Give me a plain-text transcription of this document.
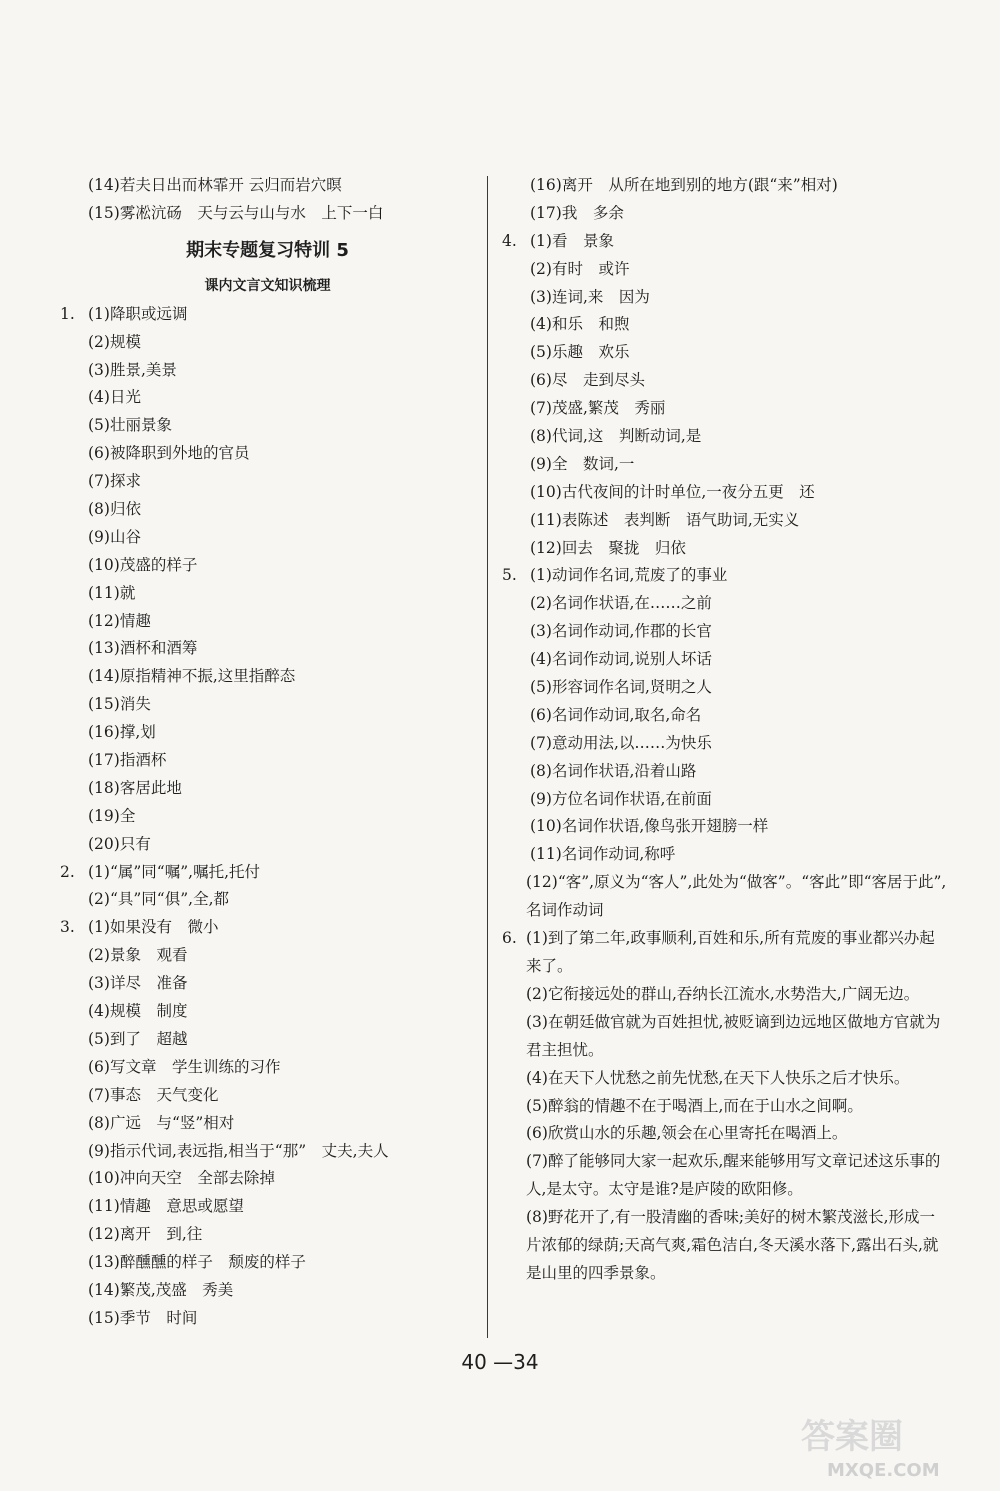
(14)若夫日出而林霏开 云归而岩穴暝
(15)雾凇沆砀　天与云与山与水　上下一白
期末专题复习特训 5
课内文言文知识梳理
1. (1)降职或远调
(2)规模
(3)胜景,美景
(4)日光
(5)壮丽景象
(6)被降职到外地的官员
(7)探求
(8)归依
(9)山谷
(10)茂盛的样子
(11)就
(12)情趣
(13)酒杯和酒筹
(14)原指精神不振,这里指醉态
(15)消失
(16)撑,划
(17)指酒杯
(18)客居此地
(19)全
(20)只有
2. (1)“属”同“嘱”,嘱托,托付
(2)“具”同“俱”,全,都
3. (1)如果没有　微小
(2)景象　观看
(3)详尽　准备
(4)规模　制度
(5)到了　超越
(6)写文章　学生训练的习作
(7)事态　天气变化
(8)广远　与“竖”相对
(9)指示代词,表远指,相当于“那”　丈夫,夫人
(10)冲向天空　全部去除掉
(11)情趣　意思或愿望
(12)离开　到,往
(13)醉醺醺的样子　颓废的样子
(14)繁茂,茂盛　秀美
(15)季节　时间
(16)离开　从所在地到别的地方(跟“来”相对)
(17)我　多余
4. (1)看　景象
(2)有时　或许
(3)连词,来　因为
(4)和乐　和煦
(5)乐趣　欢乐
(6)尽　走到尽头
(7)茂盛,繁茂　秀丽
(8)代词,这　判断动词,是
(9)全　数词,一
(10)古代夜间的计时单位,一夜分五更　还
(11)表陈述　表判断　语气助词,无实义
(12)回去　聚拢　归依
5. (1)动词作名词,荒废了的事业
(2)名词作状语,在……之前
(3)名词作动词,作郡的长官
(4)名词作动词,说别人坏话
(5)形容词作名词,贤明之人
(6)名词作动词,取名,命名
(7)意动用法,以……为快乐
(8)名词作状语,沿着山路
(9)方位名词作状语,在前面
(10)名词作状语,像鸟张开翅膀一样
(11)名词作动词,称呼
(12)“客”,原义为“客人”,此处为“做客”。“客此”即“客居于此”,名词作动词
6. (1)到了第二年,政事顺利,百姓和乐,所有荒废的事业都兴办起来了。
(2)它衔接远处的群山,吞纳长江流水,水势浩大,广阔无边。
(3)在朝廷做官就为百姓担忧,被贬谪到边远地区做地方官就为君主担忧。
(4)在天下人忧愁之前先忧愁,在天下人快乐之后才快乐。
(5)醉翁的情趣不在于喝酒上,而在于山水之间啊。
(6)欣赏山水的乐趣,领会在心里寄托在喝酒上。
(7)醉了能够同大家一起欢乐,醒来能够用写文章记述这乐事的人,是太守。太守是谁?是庐陵的欧阳修。
(8)野花开了,有一股清幽的香味;美好的树木繁茂滋长,形成一片浓郁的绿荫;天高气爽,霜色洁白,冬天溪水落下,露出石头,就是山里的四季景象。
40 —34
答案圈
MXQE.COM
